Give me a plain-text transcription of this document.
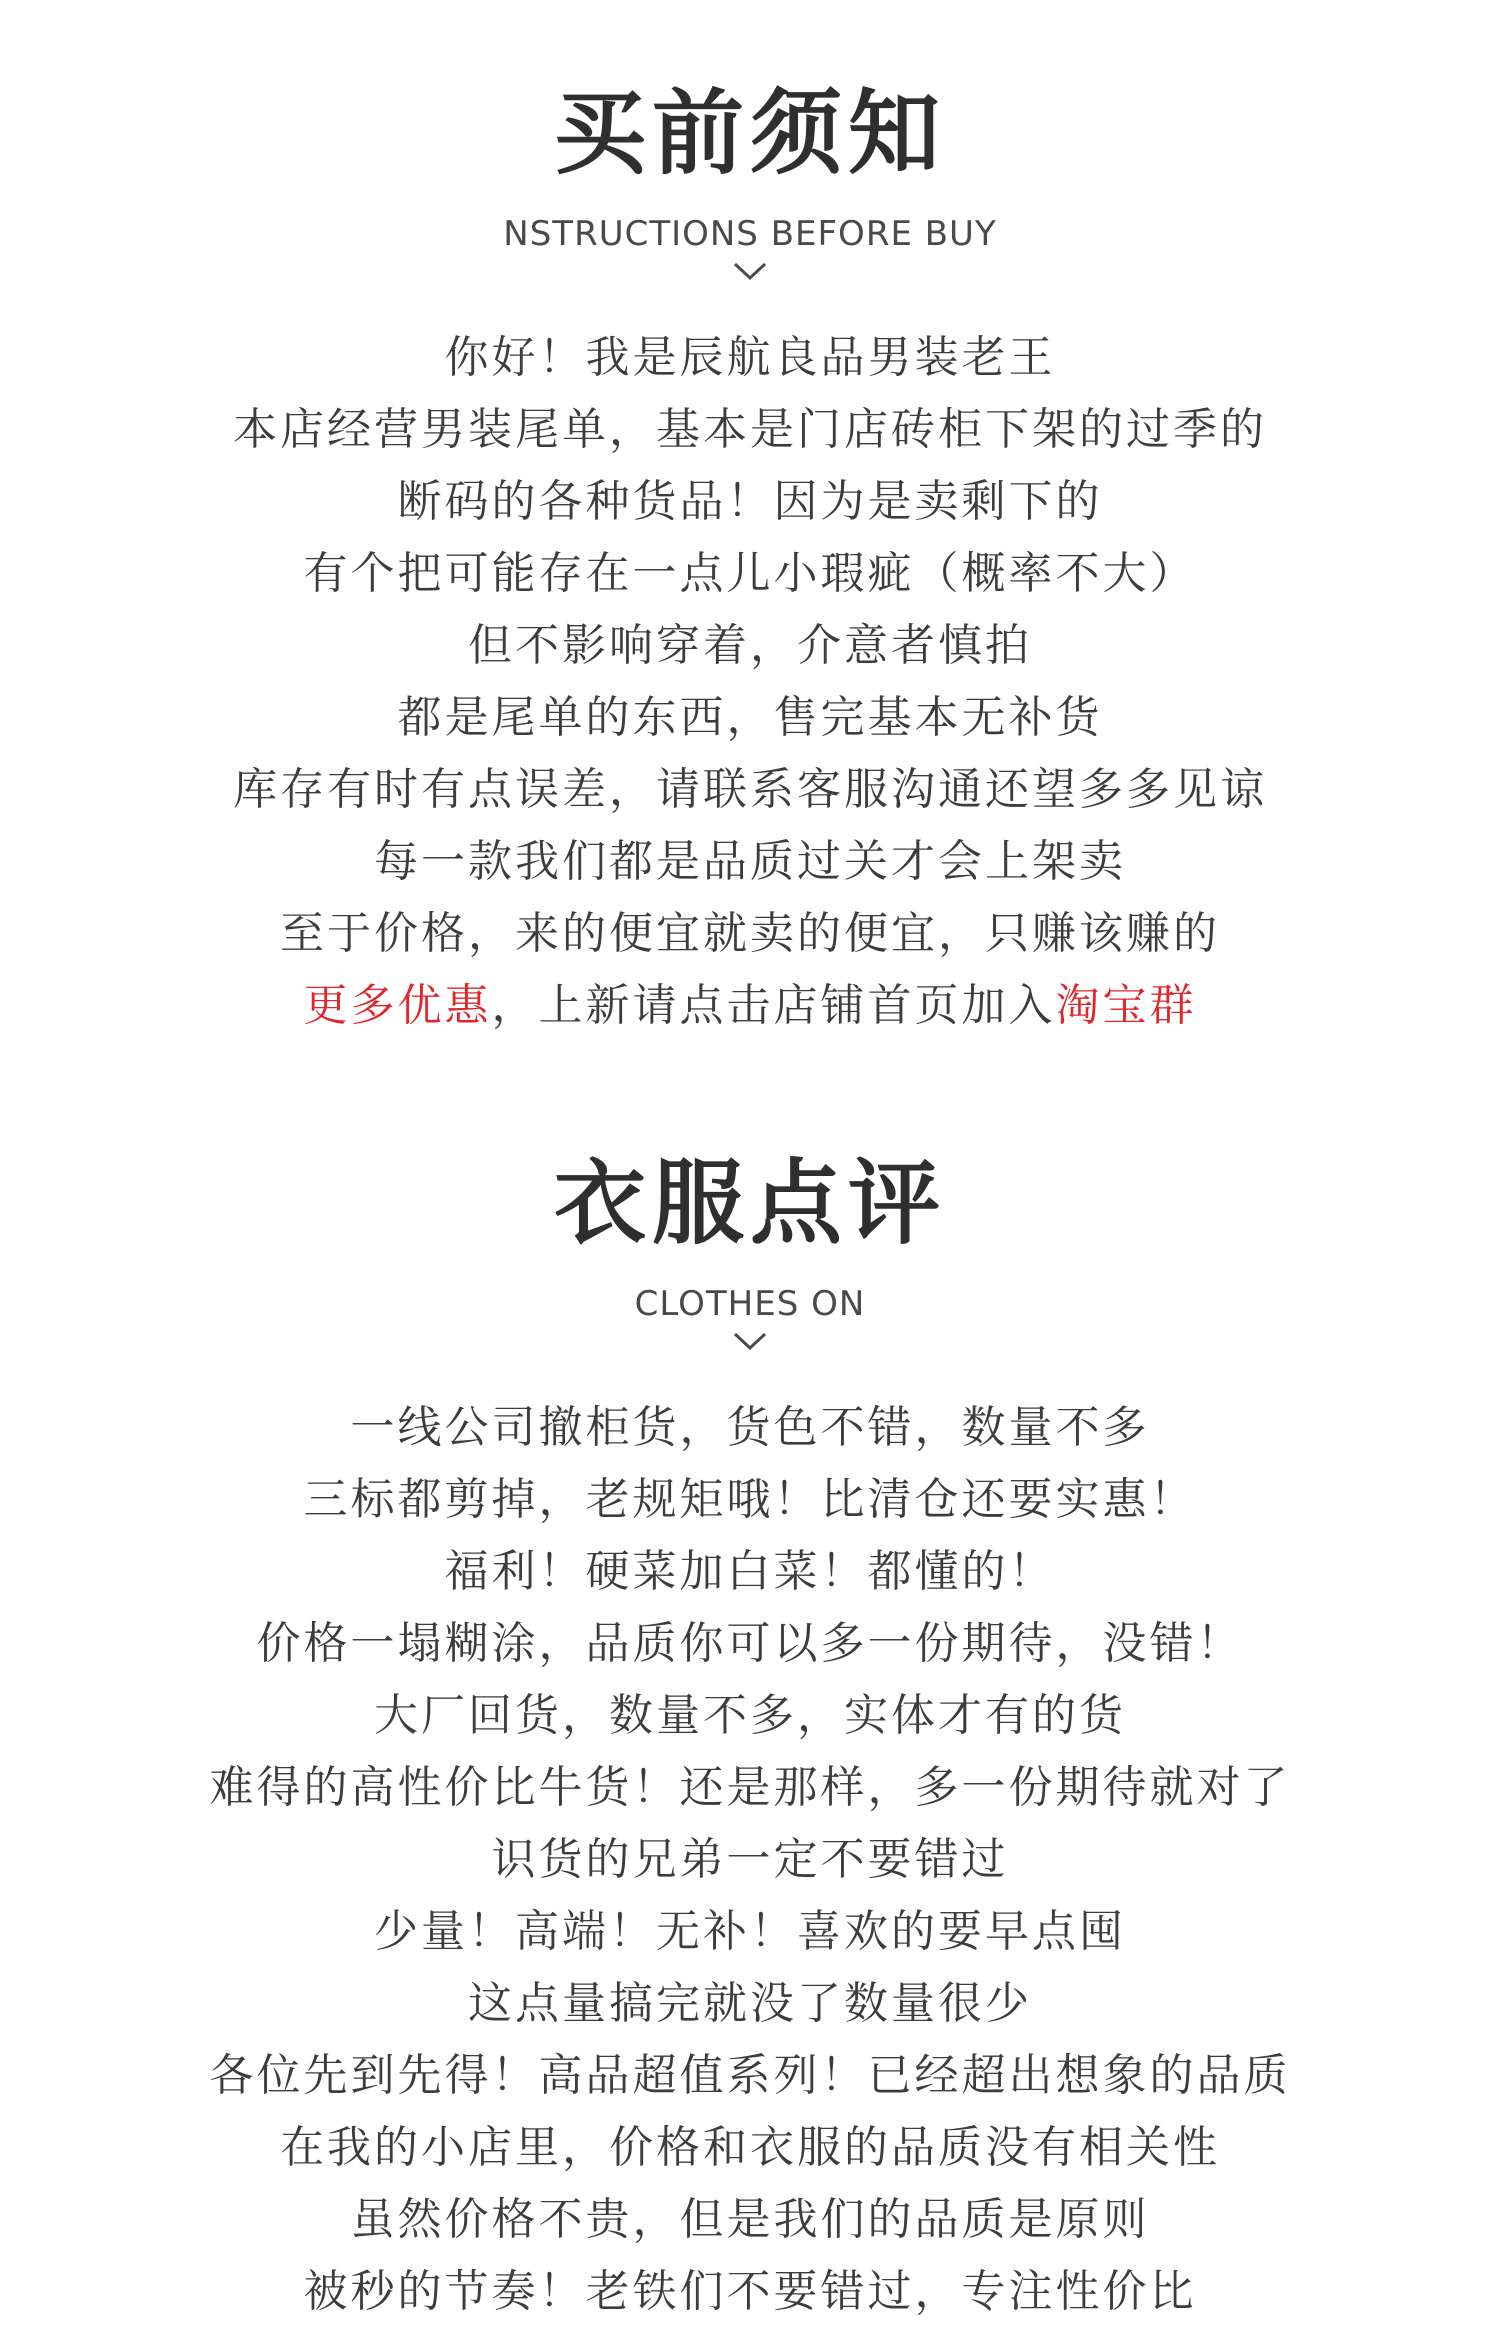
买前须知
NSTRUCTIONS BEFORE BUY
你好！我是辰航良品男装老王
本店经营男装尾单，基本是门店砖柜下架的过季的
断码的各种货品！因为是卖剩下的
有个把可能存在一点儿小瑕疵（概率不大）
但不影响穿着，介意者慎拍
都是尾单的东西，售完基本无补货
库存有时有点误差，请联系客服沟通还望多多见谅
每一款我们都是品质过关才会上架卖
至于价格，来的便宜就卖的便宜，只赚该赚的
更多优惠，上新请点击店铺首页加入淘宝群
衣服点评
CLOTHES ON
一线公司撤柜货，货色不错，数量不多
三标都剪掉，老规矩哦！比清仓还要实惠！
福利！硬菜加白菜！都懂的！
价格一塌糊涂，品质你可以多一份期待，没错！
大厂回货，数量不多，实体才有的货
难得的高性价比牛货！还是那样，多一份期待就对了
识货的兄弟一定不要错过
少量！高端！无补！喜欢的要早点囤
这点量搞完就没了数量很少
各位先到先得！高品超值系列！已经超出想象的品质
在我的小店里，价格和衣服的品质没有相关性
虽然价格不贵，但是我们的品质是原则
被秒的节奏！老铁们不要错过，专注性价比
